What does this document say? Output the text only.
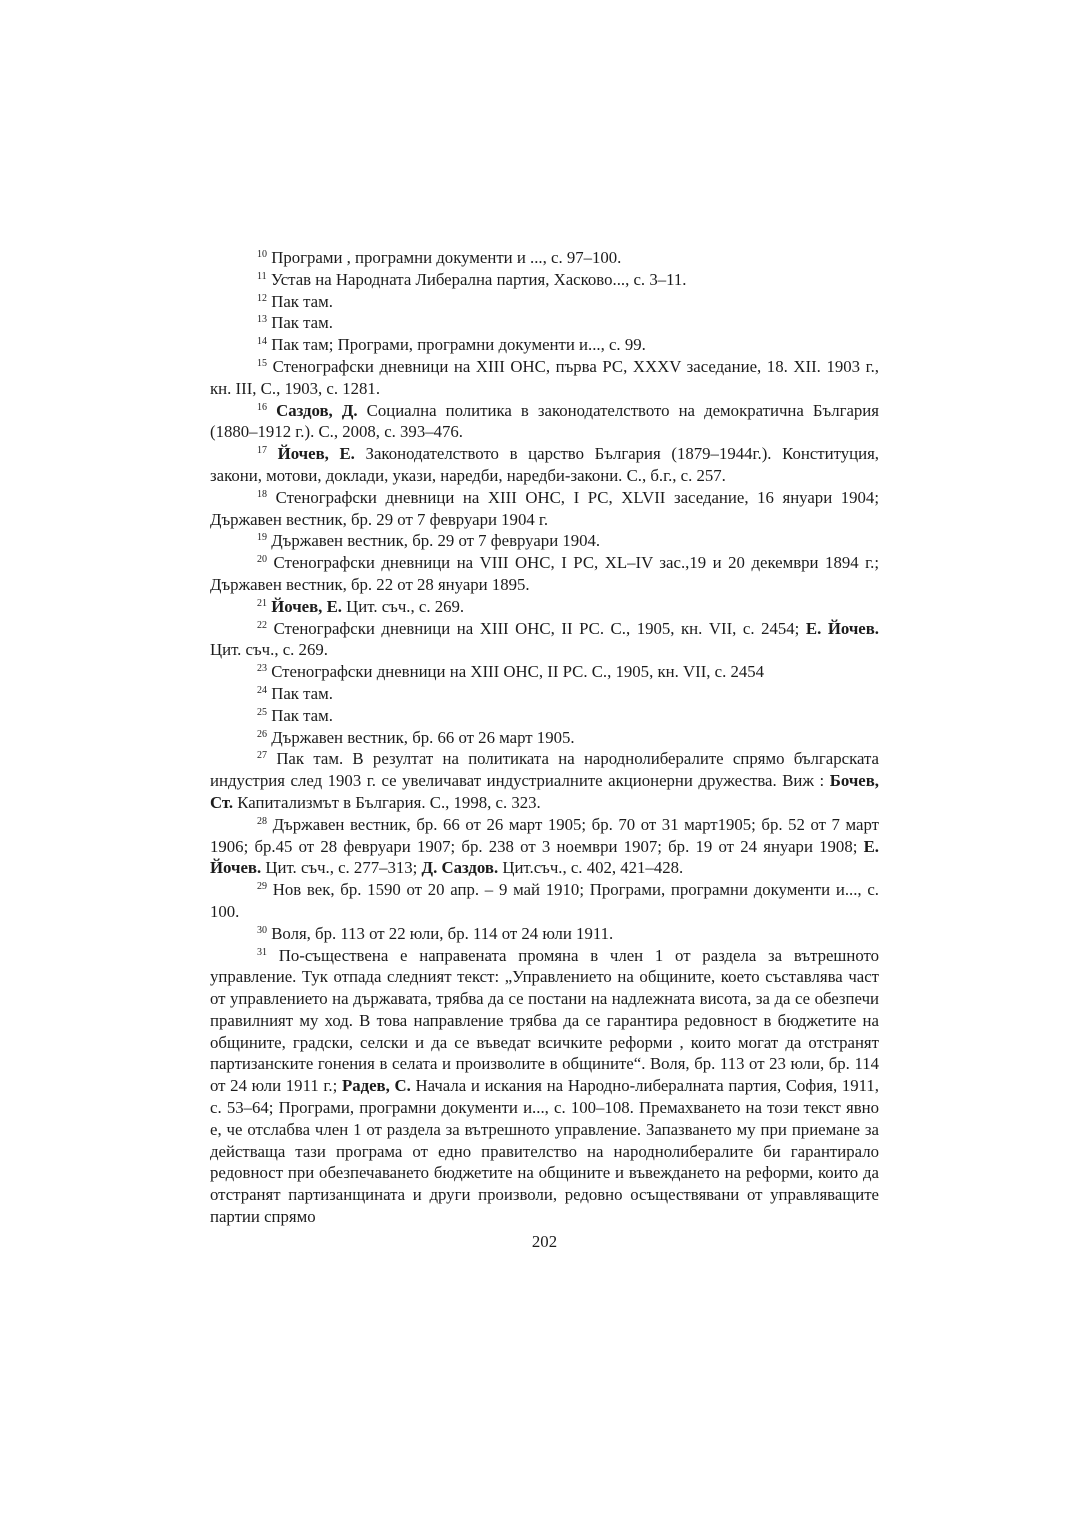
$^{10}$ Програми , програмни документи и ..., с. 97–100.

$^{11}$ Устав на Народната Либерална партия, Хасково..., с. 3–11.

$^{12}$ Пак там.

$^{13}$ Пак там.

$^{14}$ Пак там; Програми, програмни документи и..., с. 99.

$^{15}$ Стенографски дневници на XIII ОНС, първа РС, XXXV заседание, 18. XII. 1903 г., кн. III, С., 1903, с. 1281.

$^{16}$ Саздов, Д. Социална политика в законодателството на демократична България (1880–1912 г.). С., 2008, с. 393–476.

$^{17}$ Йочев, Е. Законодателството в царство България (1879–1944г.). Конституция, закони, мотови, доклади, укази, наредби, наредби-закони. С., б.г., с. 257.

$^{18}$ Стенографски дневници на XIII ОНС, I РС, XLVII заседание, 16 януари 1904; Държавен вестник, бр. 29 от 7 февруари 1904 г.

$^{19}$ Държавен вестник, бр. 29 от 7 февруари 1904.

$^{20}$ Стенографски дневници на VIII ОНС, I РС, XL–IV зас.,19 и 20 декември 1894 г.; Държавен вестник, бр. 22 от 28 януари 1895.

$^{21}$ Йочев, Е. Цит. съч., с. 269.

$^{22}$ Стенографски дневници на XIII ОНС, II РС. С., 1905, кн. VII, с. 2454; Е. Йочев. Цит. съч., с. 269.

$^{23}$ Стенографски дневници на XIII ОНС, II РС. С., 1905, кн. VII, с. 2454

$^{24}$ Пак там.

$^{25}$ Пак там.

$^{26}$ Държавен вестник, бр. 66 от 26 март 1905.

$^{27}$ Пак там. В резултат на политиката на народнолибералите спрямо българската индустрия след 1903 г. се увеличават индустриалните акционерни дружества. Виж : Бочев, Ст. Капитализмът в България. С., 1998, с. 323.

$^{28}$ Държавен вестник, бр. 66 от 26 март 1905; бр. 70 от 31 март1905; бр. 52 от 7 март 1906; бр.45 от 28 февруари 1907; бр. 238 от 3 ноември 1907; бр. 19 от 24 януари 1908; Е. Йочев. Цит. съч., с. 277–313; Д. Саздов. Цит.съч., с. 402, 421–428.

$^{29}$ Нов век, бр. 1590 от 20 апр. – 9 май 1910; Програми, програмни документи и..., с. 100.

$^{30}$ Воля, бр. 113 от 22 юли, бр. 114 от 24 юли 1911.

$^{31}$ По-съществена е направената промяна в член 1 от раздела за вътрешното управление. Тук отпада следният текст: „Управлението на общините, което съставлява част от управлението на държавата, трябва да се постани на надлежната висота, за да се обезпечи правилният му ход. В това направление трябва да се гарантира редовност в бюджетите на общините, градски, селски и да се въведат всичките реформи , които могат да отстранят партизанските гонения в селата и произволите в общините“. Воля, бр. 113 от 23 юли, бр. 114 от 24 юли 1911 г.; Радев, С. Начала и искания на Народно-либералната партия, София, 1911, с. 53–64; Програми, програмни документи и..., с. 100–108. Премахването на този текст явно е, че отслабва член 1 от раздела за вътрешното управление. Запазването му при приемане за действаща тази програма от едно правителство на народнолибералите би гарантирало редовност при обезпечаването бюджетите на общините и въвеждането на реформи, които да отстранят партизанщината и други произволи, редовно осъществявани от управляващите партии спрямо

202
